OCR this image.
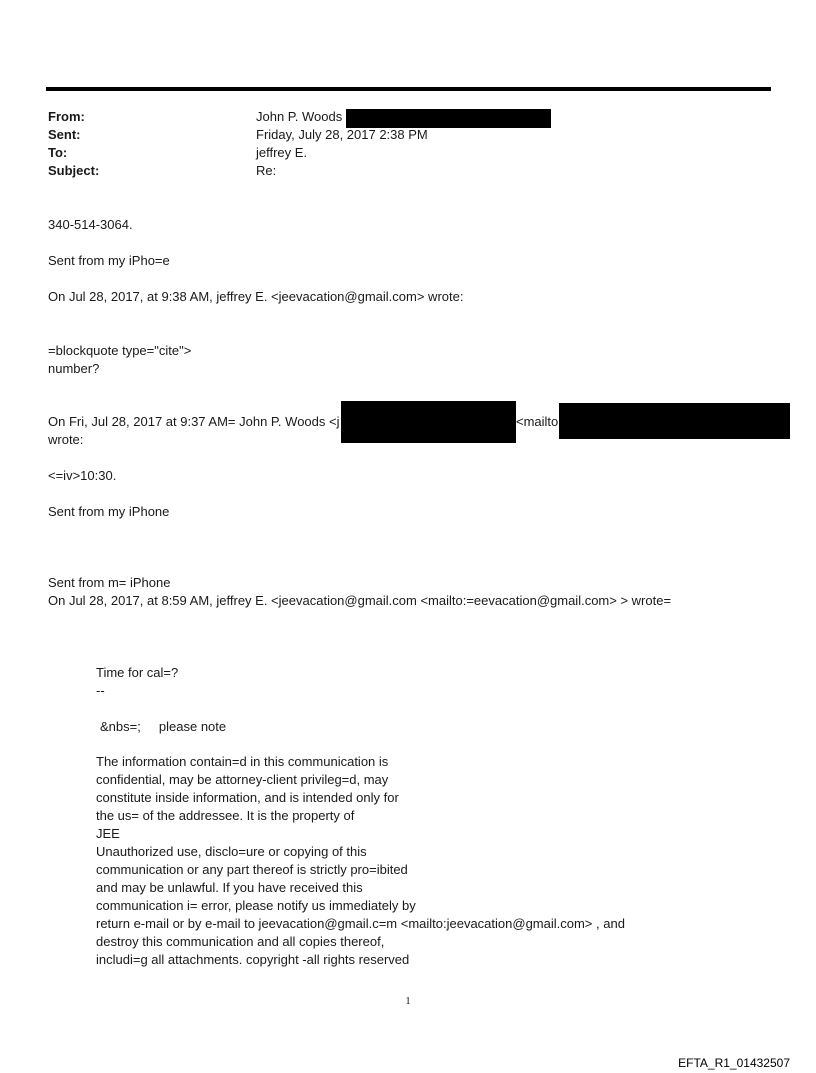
From:	John P. Woods
Sent:	Friday, July 28, 2017 2:38 PM
To:	jeffrey E.
Subject:	Re:
340-514-3064.
Sent from my iPho=e
On Jul 28, 2017, at 9:38 AM, jeffrey E. <jeevacation@gmail.com> wrote:
=blockquote type="cite">
number?
On Fri, Jul 28, 2017 at 9:37 AM= John P. Woods <j	<mailto
wrote:
<=iv>10:30.
Sent from my iPhone
Sent from m= iPhone
On Jul 28, 2017, at 8:59 AM, jeffrey E. <jeevacation@gmail.com <mailto:=eevacation@gmail.com> > wrote=
Time for cal=?
--
&nbs=;     please note
The information contain=d in this communication is
confidential, may be attorney-client privileg=d, may
constitute inside information, and is intended only for
the us= of the addressee. It is the property of
JEE
Unauthorized use, disclo=ure or copying of this
communication or any part thereof is strictly pro=ibited
and may be unlawful. If you have received this
communication i= error, please notify us immediately by
return e-mail or by e-mail to jeevacation@gmail.c=m <mailto:jeevacation@gmail.com> , and
destroy this communication and all copies thereof,
includi=g all attachments. copyright -all rights reserved
1
EFTA_R1_01432507
